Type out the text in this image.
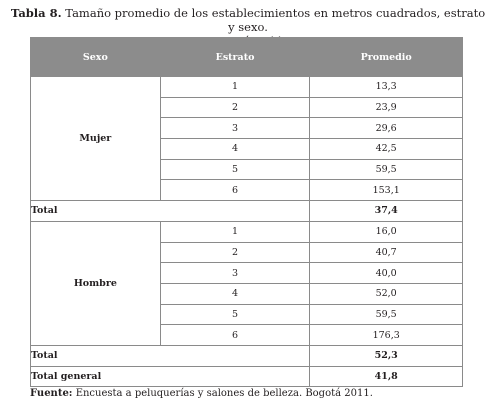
Tabla 8. Tamaño promedio de los establecimientos en metros cuadrados, estrato y sexo.

Sexo	Estrato	Promedio
Mujer	1	13,3
	2	23,9
	3	29,6
	4	42,5
	5	59,5
	6	153,1
Total		37,4
Hombre	1	16,0
	2	40,7
	3	40,0
	4	52,0
	5	59,5
	6	176,3
Total		52,3
Total general		41,8
Fuente: Encuesta a peluquerías y salones de belleza. Bogotá 2011.
